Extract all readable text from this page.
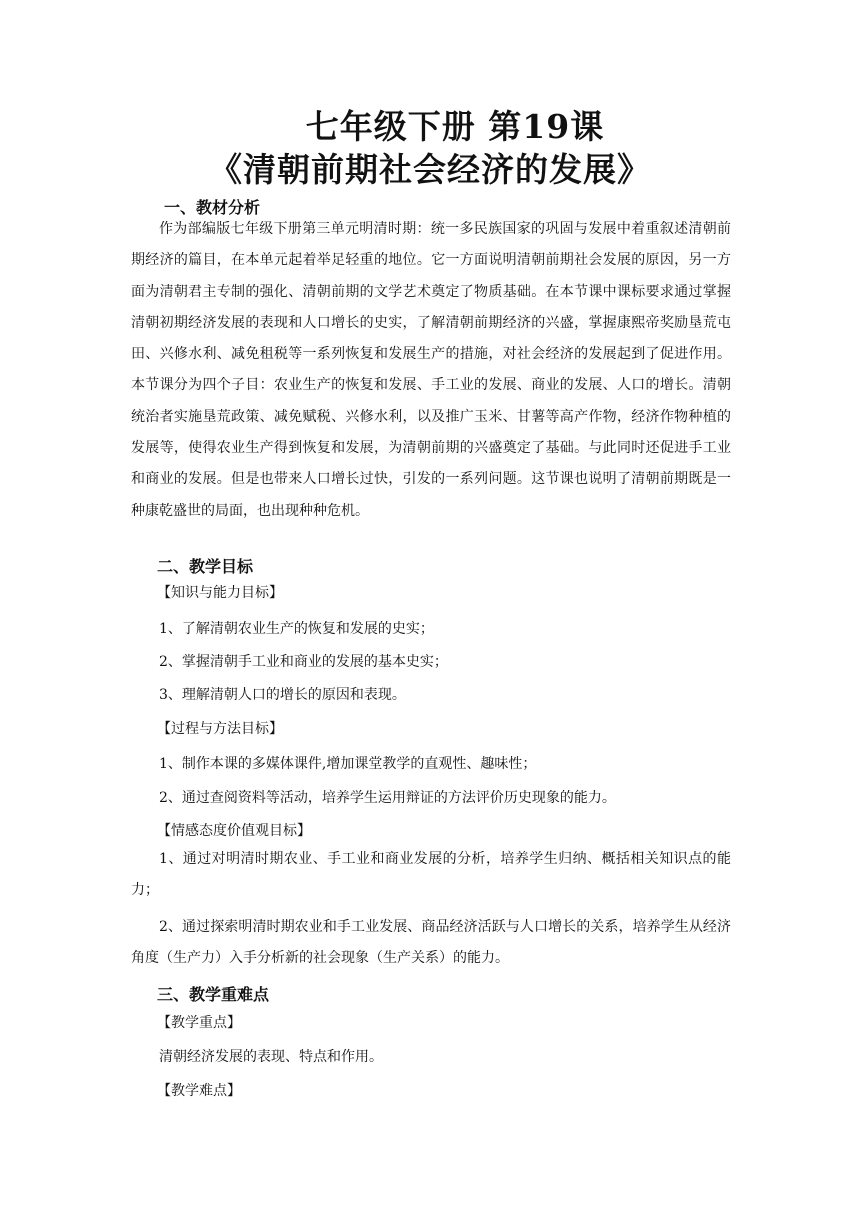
七年级下册 第19课
《清朝前期社会经济的发展》
一、教材分析
作为部编版七年级下册第三单元明清时期：统一多民族国家的巩固与发展中着重叙述清朝前期经济的篇目，在本单元起着举足轻重的地位。它一方面说明清朝前期社会发展的原因，另一方面为清朝君主专制的强化、清朝前期的文学艺术奠定了物质基础。在本节课中课标要求通过掌握清朝初期经济发展的表现和人口增长的史实，了解清朝前期经济的兴盛，掌握康熙帝奖励垦荒屯田、兴修水利、减免租税等一系列恢复和发展生产的措施，对社会经济的发展起到了促进作用。本节课分为四个子目：农业生产的恢复和发展、手工业的发展、商业的发展、人口的增长。清朝统治者实施垦荒政策、减免赋税、兴修水利，以及推广玉米、甘薯等高产作物，经济作物种植的发展等，使得农业生产得到恢复和发展，为清朝前期的兴盛奠定了基础。与此同时还促进手工业和商业的发展。但是也带来人口增长过快，引发的一系列问题。这节课也说明了清朝前期既是一种康乾盛世的局面，也出现种种危机。
二、教学目标
【知识与能力目标】
1、了解清朝农业生产的恢复和发展的史实；
2、掌握清朝手工业和商业的发展的基本史实；
3、理解清朝人口的增长的原因和表现。
【过程与方法目标】
1、制作本课的多媒体课件,增加课堂教学的直观性、趣味性；
2、通过查阅资料等活动，培养学生运用辩证的方法评价历史现象的能力。
【情感态度价值观目标】
1、通过对明清时期农业、手工业和商业发展的分析，培养学生归纳、概括相关知识点的能力；
2、通过探索明清时期农业和手工业发展、商品经济活跃与人口增长的关系，培养学生从经济角度（生产力）入手分析新的社会现象（生产关系）的能力。
三、教学重难点
【教学重点】
清朝经济发展的表现、特点和作用。
【教学难点】
